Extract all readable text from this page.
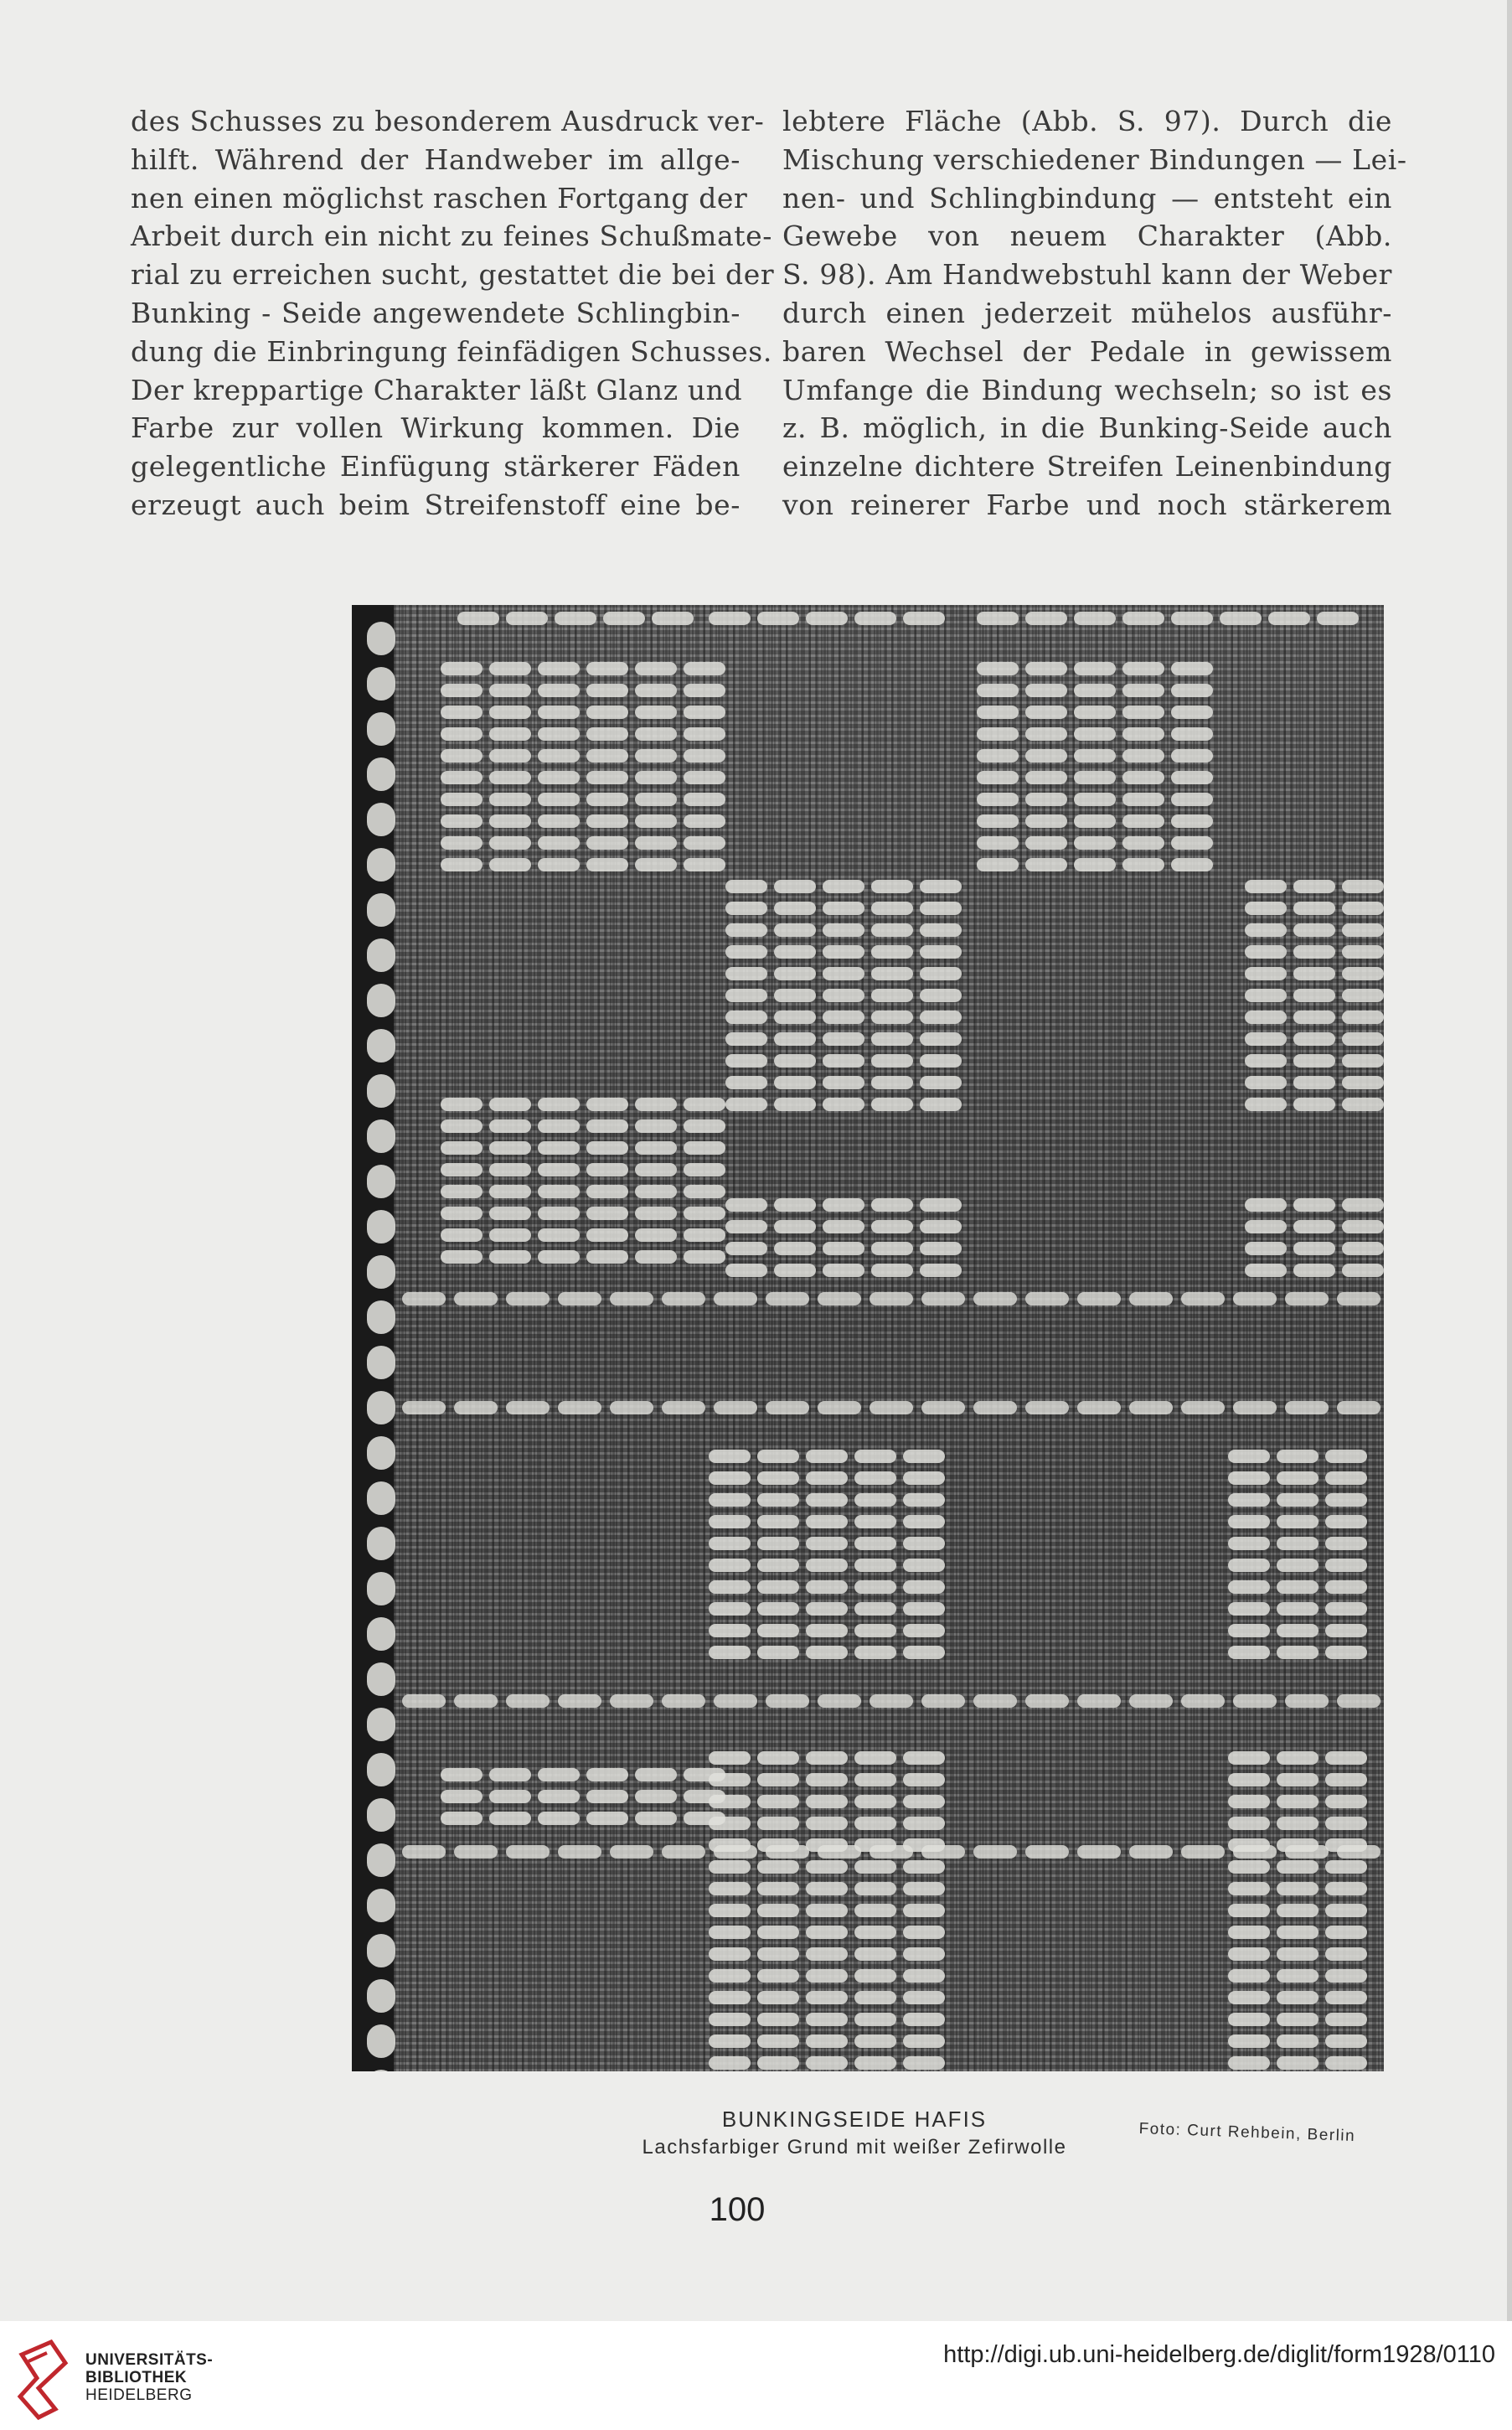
des Schusses zu besonderem Ausdruck ver-
hilft. Während der Handweber im allge-
nen einen möglichst raschen Fortgang der
Arbeit durch ein nicht zu feines Schußmate-
rial zu erreichen sucht, gestattet die bei der
Bunking - Seide angewendete Schlingbin-
dung die Einbringung feinfädigen Schusses.
Der kreppartige Charakter läßt Glanz und
Farbe zur vollen Wirkung kommen. Die
gelegentliche Einfügung stärkerer Fäden
erzeugt auch beim Streifenstoff eine be-
lebtere Fläche (Abb. S. 97). Durch die
Mischung verschiedener Bindungen — Lei-
nen- und Schlingbindung — entsteht ein
Gewebe von neuem Charakter (Abb.
S. 98). Am Handwebstuhl kann der Weber
durch einen jederzeit mühelos ausführ-
baren Wechsel der Pedale in gewissem
Umfange die Bindung wechseln; so ist es
z. B. möglich, in die Bunking-Seide auch
einzelne dichtere Streifen Leinenbindung
von reinerer Farbe und noch stärkerem
BUNKINGSEIDE HAFIS
Lachsfarbiger Grund mit weißer Zefirwolle
Foto: Curt Rehbein, Berlin
100
UNIVERSITÄTS-
BIBLIOTHEK
HEIDELBERG
http://digi.ub.uni-heidelberg.de/diglit/form1928/0110
